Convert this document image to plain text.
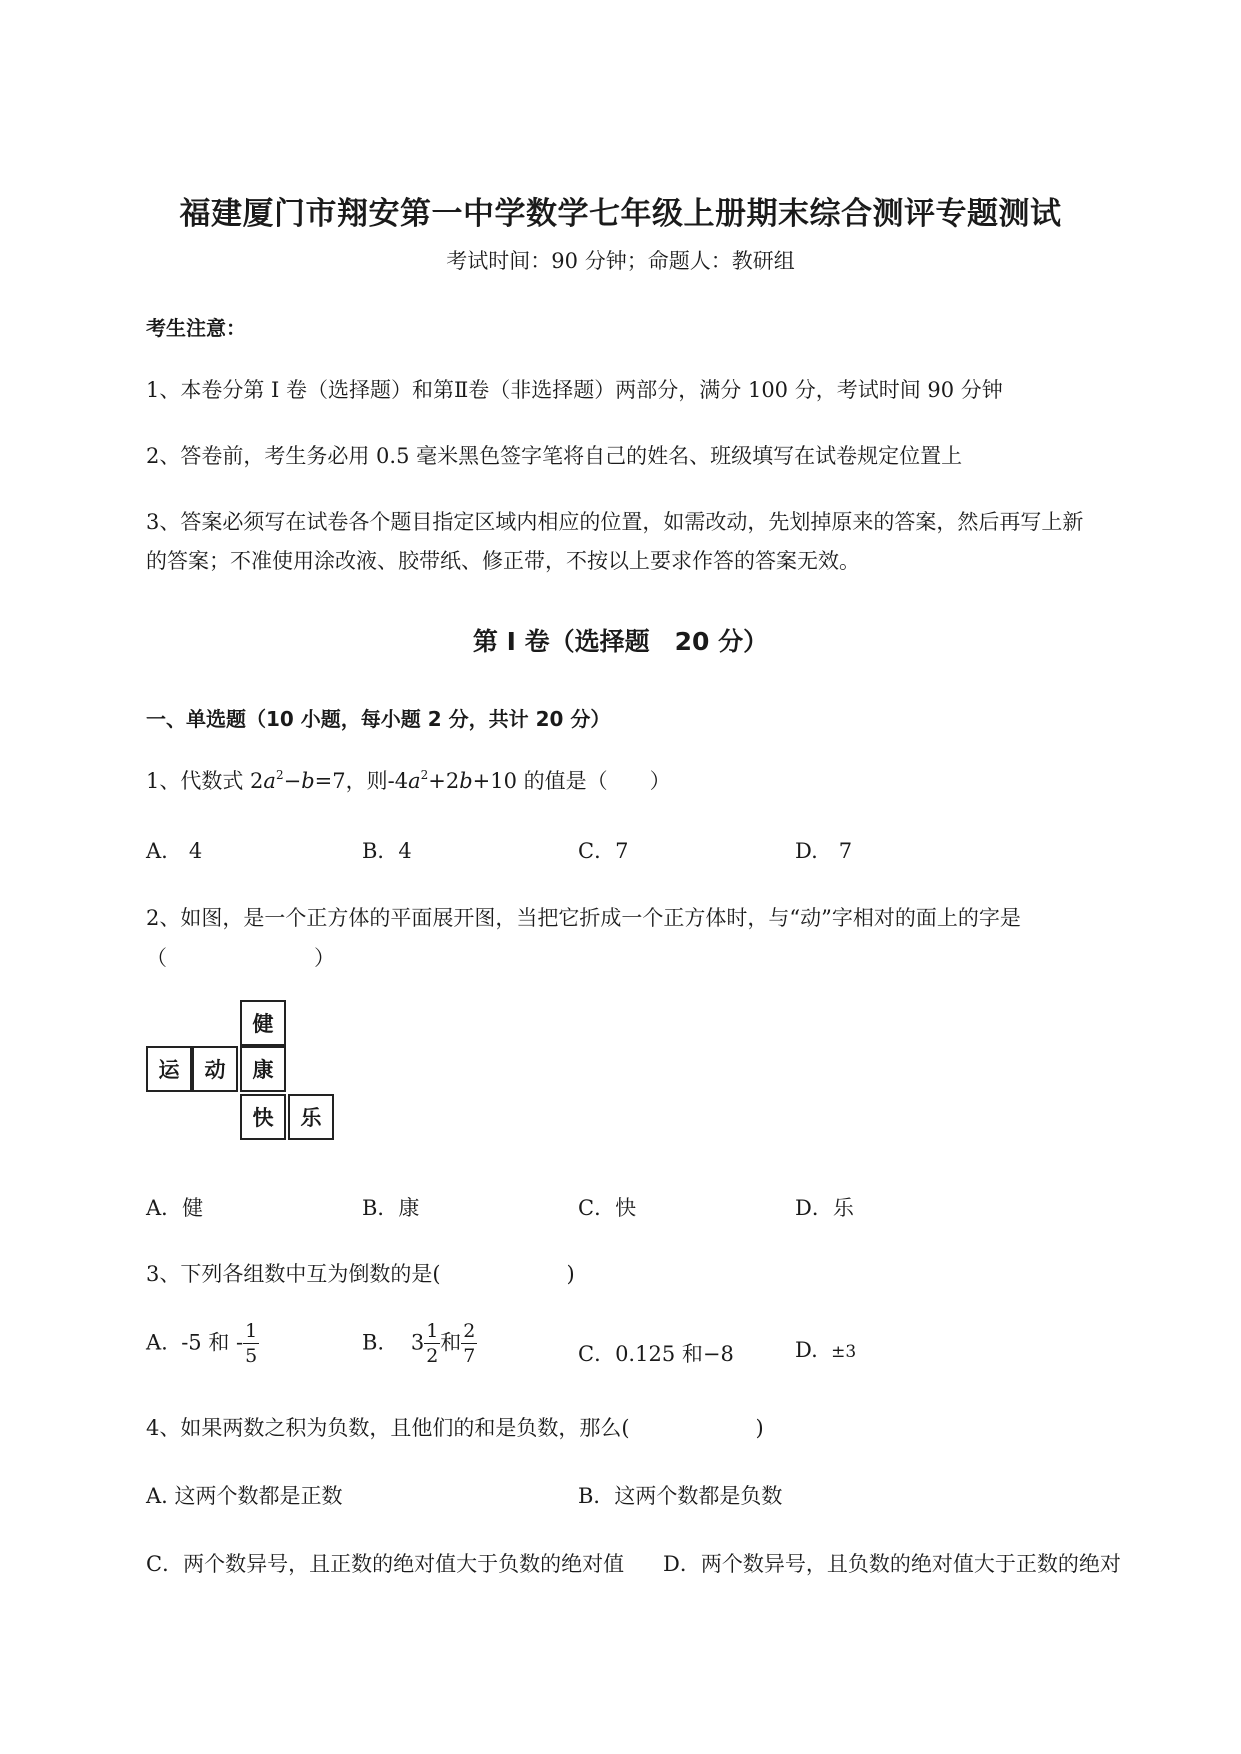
福建厦门市翔安第一中学数学七年级上册期末综合测评专题测试
考试时间：90 分钟；命题人：教研组
考生注意：
1、本卷分第 I 卷（选择题）和第Ⅱ卷（非选择题）两部分，满分 100 分，考试时间 90 分钟
2、答卷前，考生务必用 0.5 毫米黑色签字笔将自己的姓名、班级填写在试卷规定位置上
3、答案必须写在试卷各个题目指定区域内相应的位置，如需改动，先划掉原来的答案，然后再写上新
的答案；不准使用涂改液、胶带纸、修正带，不按以上要求作答的答案无效。
第 I 卷（选择题　20 分）
一、单选题（10 小题，每小题 2 分，共计 20 分）
1、代数式 $2a^2-b=7$，则$-4a^2+2b+10$ 的值是（　　）
A.　4	B．4	C．7	D.　7
2、如图，是一个正方体的平面展开图，当把它折成一个正方体时，与“动”字相对的面上的字是
（　　　　　　　）
健
运	动	康
快	乐
A．健	B．康	C．快	D．乐
3、下列各组数中互为倒数的是(　　　　　　)
A. -5 和 - $\frac{1}{5}$	B. $3 \frac{1}{2}$ 和 $\frac{2}{7}$	C．0.125 和−8	D. ±3
4、如果两数之积为负数，且他们的和是负数，那么(　　　　　　)
A. 这两个数都是正数	B．这两个数都是负数
C．两个数异号，且正数的绝对值大于负数的绝对值 D．两个数异号，且负数的绝对值大于正数的绝对
